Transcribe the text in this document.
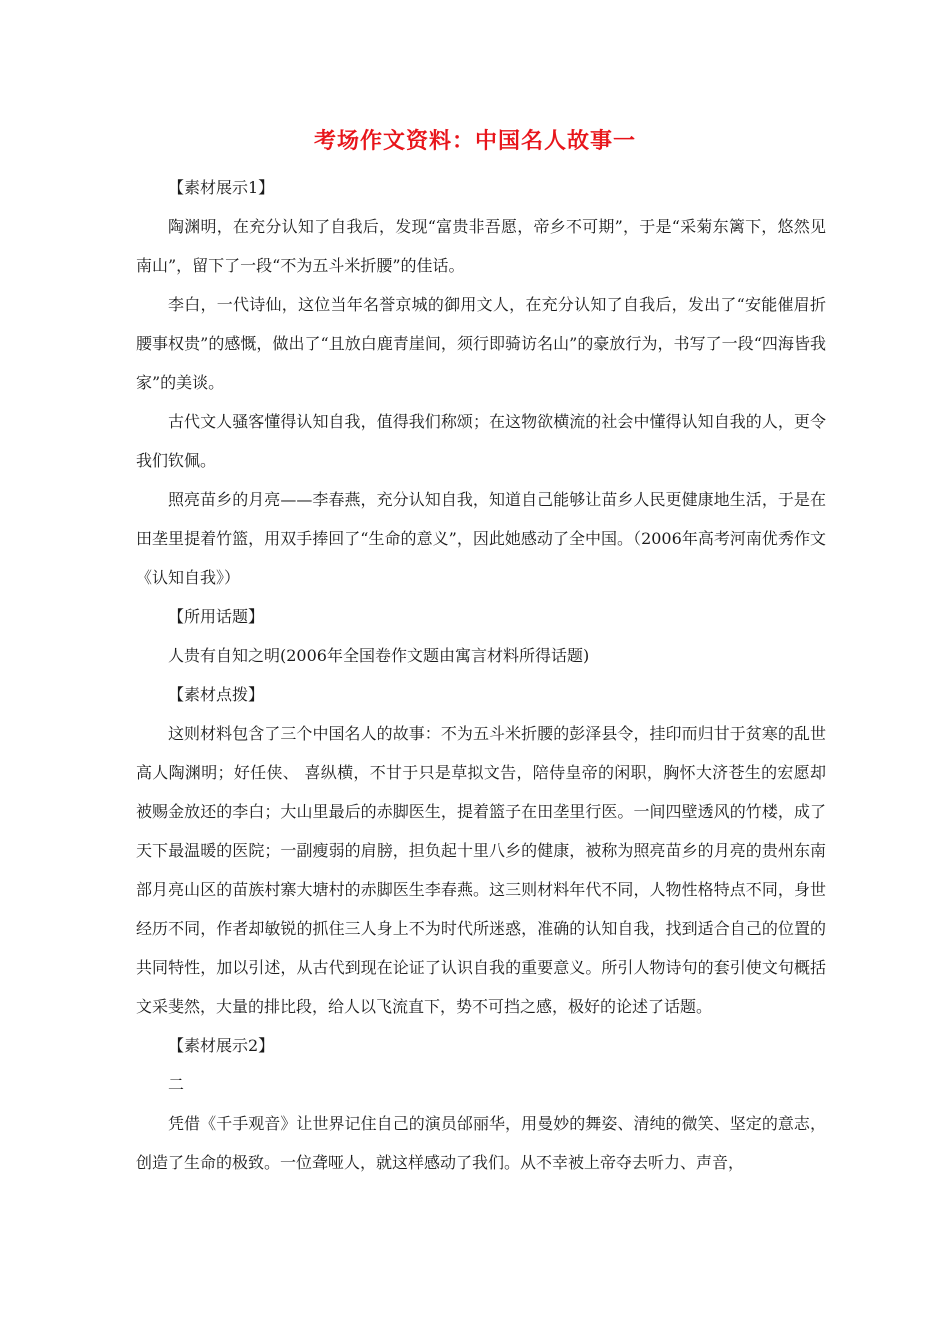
考场作文资料：中国名人故事一

【素材展示1】

陶渊明，在充分认知了自我后，发现“富贵非吾愿，帝乡不可期”，于是“采菊东篱下，悠然见南山”，留下了一段“不为五斗米折腰”的佳话。

李白，一代诗仙，这位当年名誉京城的御用文人，在充分认知了自我后，发出了“安能催眉折腰事权贵”的感慨，做出了“且放白鹿青崖间，须行即骑访名山”的豪放行为，书写了一段“四海皆我家”的美谈。

古代文人骚客懂得认知自我，值得我们称颂；在这物欲横流的社会中懂得认知自我的人，更令我们钦佩。

照亮苗乡的月亮——李春燕，充分认知自我，知道自己能够让苗乡人民更健康地生活，于是在田垄里提着竹篮，用双手捧回了“生命的意义”，因此她感动了全中国。（2006年高考河南优秀作文《认知自我》）

【所用话题】

人贵有自知之明(2006年全国卷作文题由寓言材料所得话题)

【素材点拨】

这则材料包含了三个中国名人的故事：不为五斗米折腰的彭泽县令，挂印而归甘于贫寒的乱世高人陶渊明；好任侠、 喜纵横，不甘于只是草拟文告，陪侍皇帝的闲职，胸怀大济苍生的宏愿却被赐金放还的李白；大山里最后的赤脚医生，提着篮子在田垄里行医。一间四壁透风的竹楼，成了天下最温暖的医院；一副瘦弱的肩膀，担负起十里八乡的健康，被称为照亮苗乡的月亮的贵州东南部月亮山区的苗族村寨大塘村的赤脚医生李春燕。这三则材料年代不同，人物性格特点不同，身世经历不同，作者却敏锐的抓住三人身上不为时代所迷惑，准确的认知自我，找到适合自己的位置的共同特性，加以引述，从古代到现在论证了认识自我的重要意义。所引人物诗句的套引使文句概括文采斐然，大量的排比段，给人以飞流直下，势不可挡之感，极好的论述了话题。

【素材展示2】

二

凭借《千手观音》让世界记住自己的演员邰丽华，用曼妙的舞姿、清纯的微笑、坚定的意志，创造了生命的极致。一位聋哑人，就这样感动了我们。从不幸被上帝夺去听力、声音，
